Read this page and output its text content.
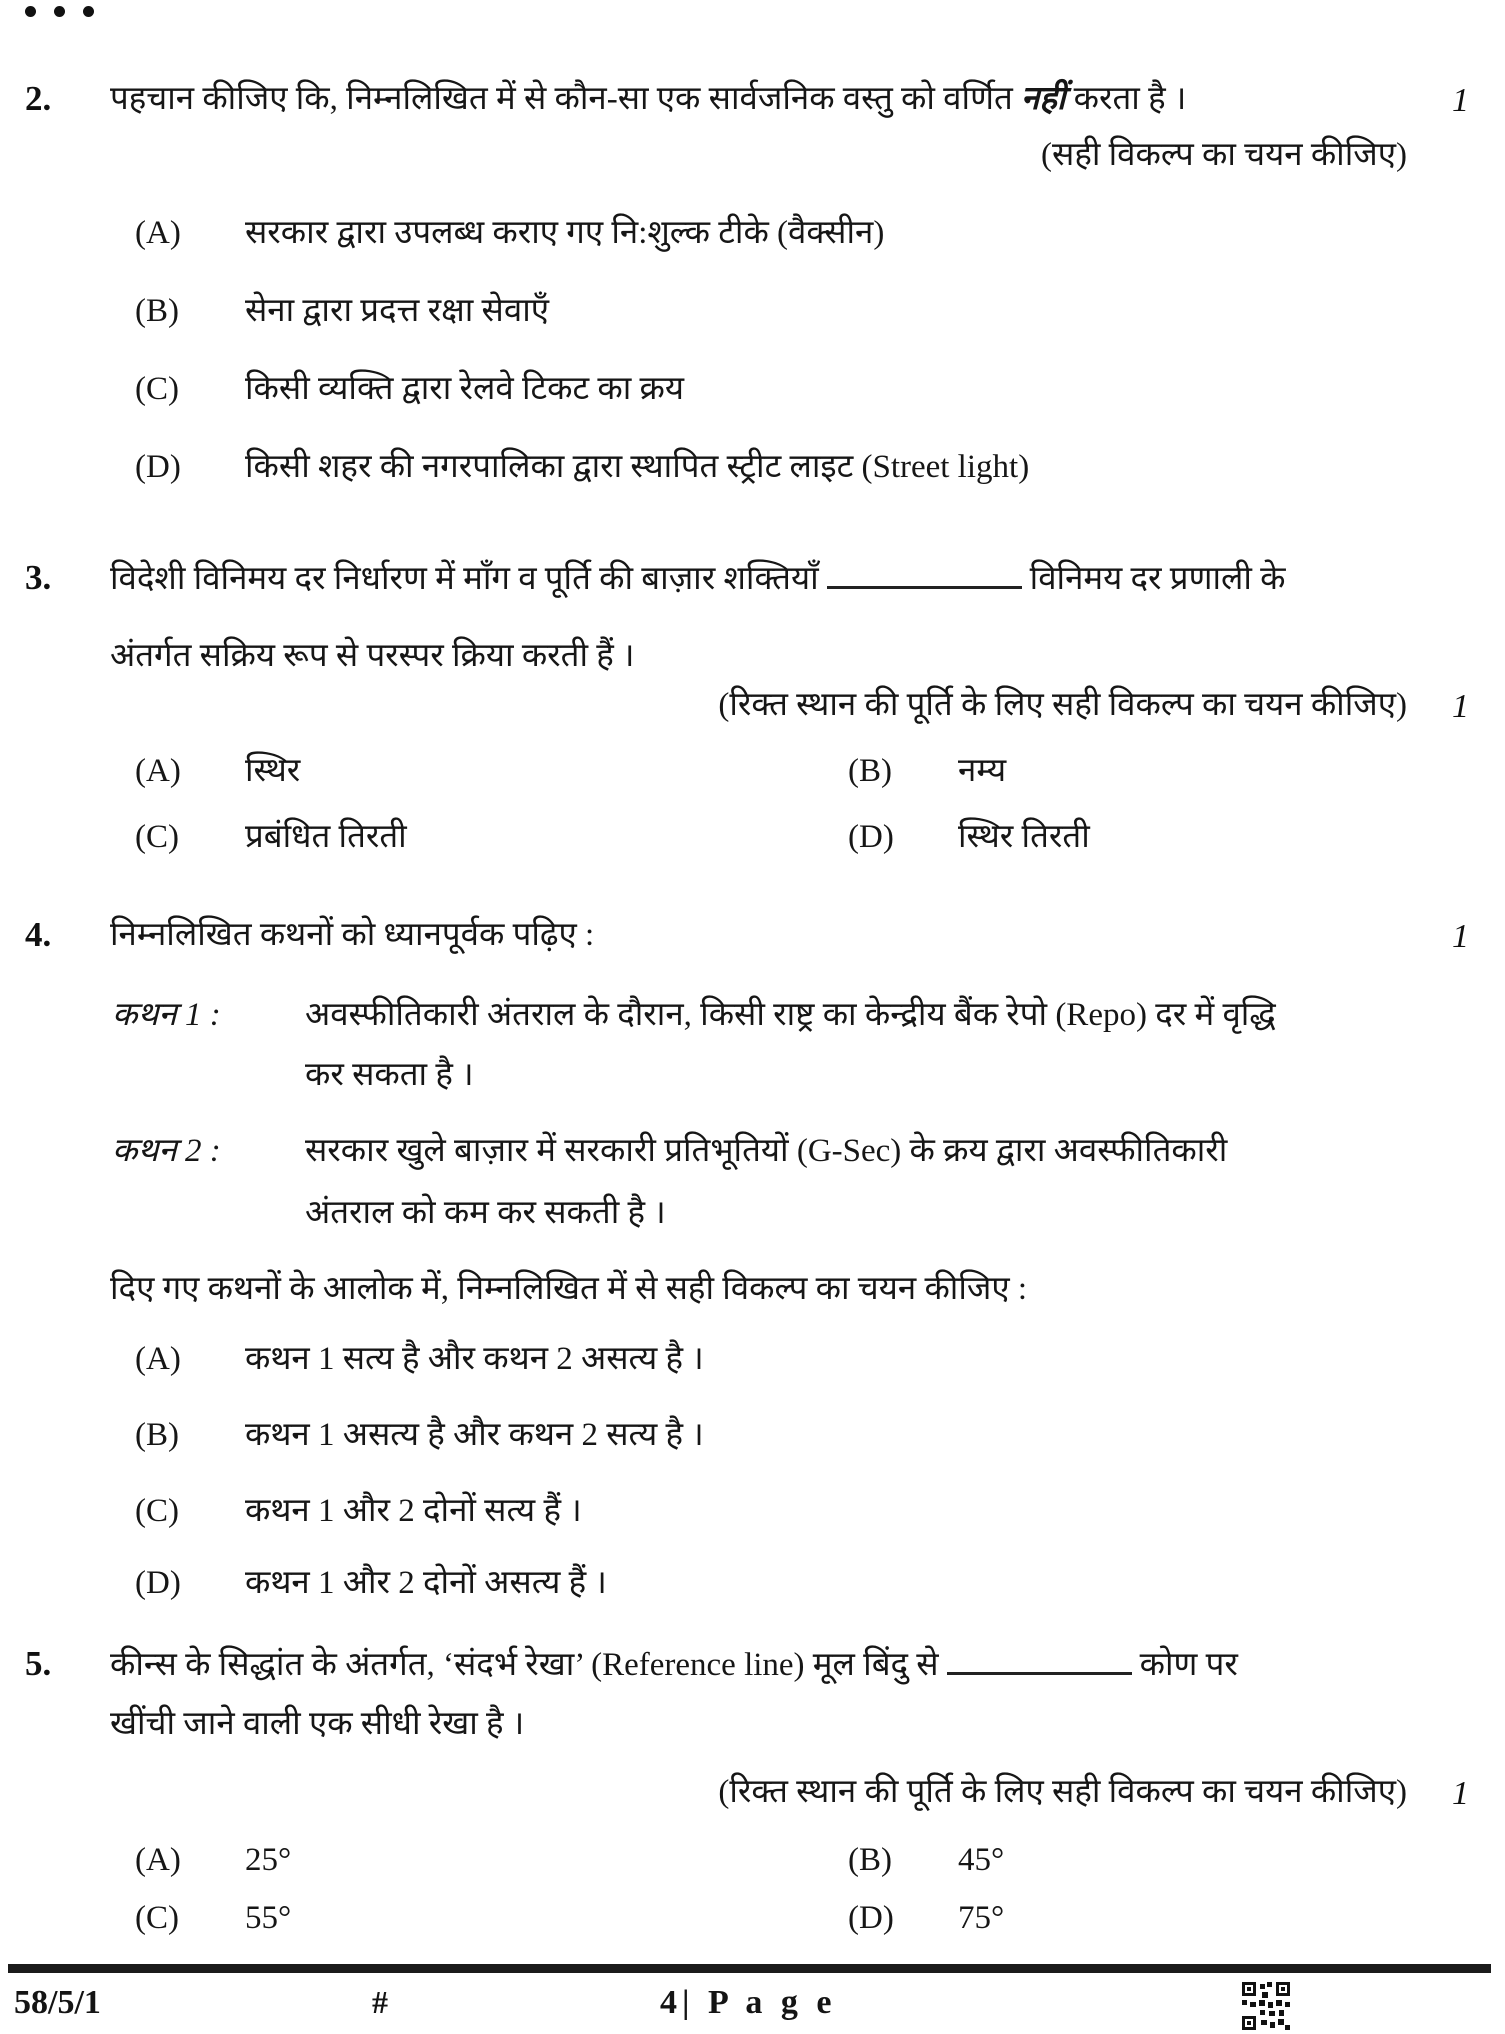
2. पहचान कीजिए कि, निम्नलिखित में से कौन-सा एक सार्वजनिक वस्तु को वर्णित नहीं करता है ।	1
(सही विकल्प का चयन कीजिए)
(A)	सरकार द्वारा उपलब्ध कराए गए नि:शुल्क टीके (वैक्सीन)
(B)	सेना द्वारा प्रदत्त रक्षा सेवाएँ
(C)	किसी व्यक्ति द्वारा रेलवे टिकट का क्रय
(D)	किसी शहर की नगरपालिका द्वारा स्थापित स्ट्रीट लाइट (Street light)
3. विदेशी विनिमय दर निर्धारण में माँग व पूर्ति की बाज़ार शक्तियाँ	विनिमय दर प्रणाली के
अंतर्गत सक्रिय रूप से परस्पर क्रिया करती हैं ।
(रिक्त स्थान की पूर्ति के लिए सही विकल्प का चयन कीजिए) 1
(A)	स्थिर	(B)	नम्य
(C)	प्रबंधित तिरती	(D)	स्थिर तिरती
4. निम्नलिखित कथनों को ध्यानपूर्वक पढ़िए :	1
कथन 1 :	अवस्फीतिकारी अंतराल के दौरान, किसी राष्ट्र का केन्द्रीय बैंक रेपो (Repo) दर में वृद्धि
कर सकता है ।
कथन 2 :	सरकार खुले बाज़ार में सरकारी प्रतिभूतियों (G-Sec) के क्रय द्वारा अवस्फीतिकारी
अंतराल को कम कर सकती है ।
दिए गए कथनों के आलोक में, निम्नलिखित में से सही विकल्प का चयन कीजिए :
(A)	कथन 1 सत्य है और कथन 2 असत्य है ।
(B)	कथन 1 असत्य है और कथन 2 सत्य है ।
(C)	कथन 1 और 2 दोनों सत्य हैं ।
(D)	कथन 1 और 2 दोनों असत्य हैं ।
5. कीन्स के सिद्धांत के अंतर्गत, ‘संदर्भ रेखा’ (Reference line) मूल बिंदु से	कोण पर
खींची जाने वाली एक सीधी रेखा है ।
(रिक्त स्थान की पूर्ति के लिए सही विकल्प का चयन कीजिए) 1
(A)	25°	(B)	45°
(C)	55°	(D)	75°
58/5/1	#	4| P a g e
